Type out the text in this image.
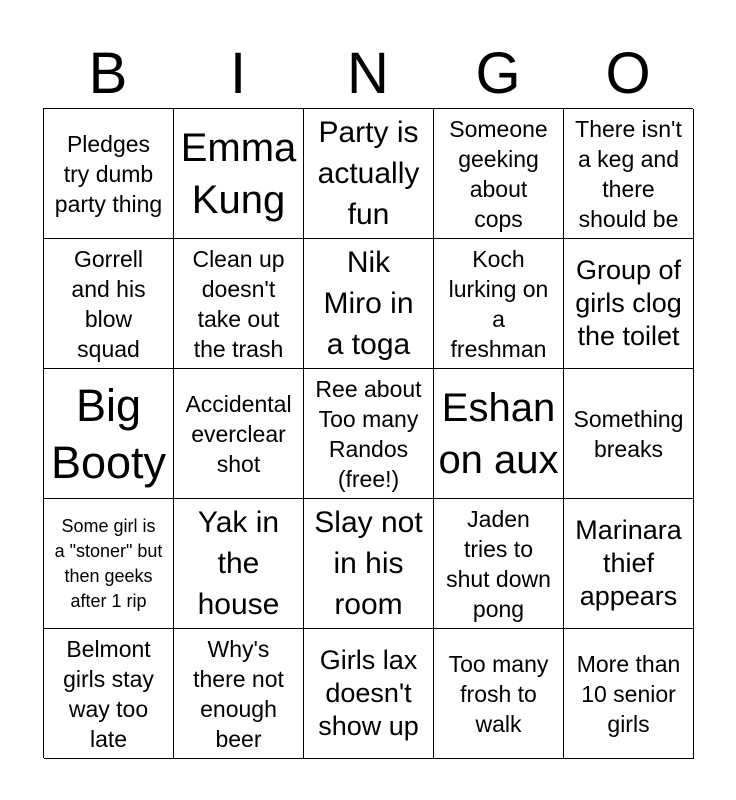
B	I	N	G	O
Pledges
try dumb
party thing
Emma
Kung
Party is
actually
fun
Someone
geeking
about
cops
There isn't
a keg and
there
should be
Gorrell
and his
blow
squad
Clean up
doesn't
take out
the trash
Nik
Miro in
a toga
Koch
lurking on
a
freshman
Group of
girls clog
the toilet
Big
Booty
Accidental
everclear
shot
Ree about
Too many
Randos
(free!)
Eshan
on aux
Something
breaks
Some girl is
a "stoner" but
then geeks
after 1 rip
Yak in
the
house
Slay not
in his
room
Jaden
tries to
shut down
pong
Marinara
thief
appears
Belmont
girls stay
way too
late
Why's
there not
enough
beer
Girls lax
doesn't
show up
Too many
frosh to
walk
More than
10 senior
girls
